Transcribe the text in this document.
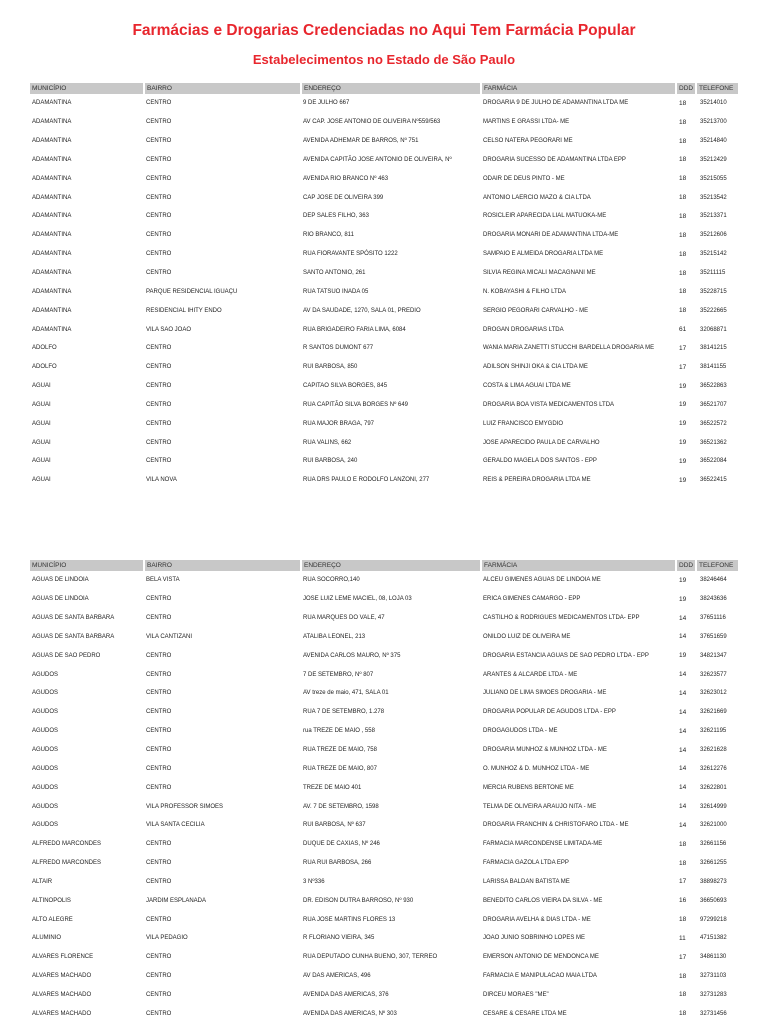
Farmácias e Drogarias Credenciadas no Aqui Tem Farmácia Popular
Estabelecimentos no Estado de São Paulo
MUNICÍPIO	BAIRRO	ENDEREÇO	FARMÁCIA	DDD	TELEFONE
ADAMANTINA	CENTRO	9 DE JULHO 667	DROGARIA 9 DE JULHO DE ADAMANTINA LTDA ME	18	35214010
ADAMANTINA	CENTRO	AV CAP. JOSE ANTONIO DE OLIVEIRA Nº559/563	MARTINS E GRASSI LTDA- ME	18	35213700
ADAMANTINA	CENTRO	AVENIDA ADHEMAR DE BARROS, Nº 751	CELSO NATERA PEGORARI ME	18	35214840
ADAMANTINA	CENTRO	AVENIDA CAPITÃO JOSE ANTONIO DE OLIVEIRA, Nº	DROGARIA SUCESSO DE ADAMANTINA LTDA EPP	18	35212429
ADAMANTINA	CENTRO	AVENIDA RIO BRANCO Nº 463	ODAIR DE DEUS PINTO - ME	18	35215055
ADAMANTINA	CENTRO	CAP JOSE DE OLIVEIRA 399	ANTONIO LAERCIO MAZO & CIA LTDA	18	35213542
ADAMANTINA	CENTRO	DEP SALES FILHO, 363	ROSICLEIR APARECIDA LIAL MATUOKA-ME	18	35213371
ADAMANTINA	CENTRO	RIO BRANCO, 811	DROGARIA MONARI DE ADAMANTINA LTDA-ME	18	35212606
ADAMANTINA	CENTRO	RUA FIORAVANTE SPÓSITO 1222	SAMPAIO E ALMEIDA DROGARIA LTDA ME	18	35215142
ADAMANTINA	CENTRO	SANTO ANTONIO, 261	SILVIA REGINA MICALI MACAGNANI ME	18	35211115
ADAMANTINA	PARQUE RESIDENCIAL IGUAÇU	RUA TATSUO INADA 05	N. KOBAYASHI & FILHO LTDA	18	35228715
ADAMANTINA	RESIDENCIAL IHITY ENDO	AV DA SAUDADE, 1270, SALA 01, PREDIO	SERGIO PEGORARI CARVALHO - ME	18	35222665
ADAMANTINA	VILA SAO JOAO	RUA BRIGADEIRO FARIA LIMA, 6084	DROGAN DROGARIAS LTDA	61	32068871
ADOLFO	CENTRO	R SANTOS DUMONT 677	WANIA MARIA ZANETTI STUCCHI BARDELLA DROGARIA ME	17	38141215
ADOLFO	CENTRO	RUI BARBOSA, 850	ADILSON SHINJI OKA & CIA LTDA ME	17	38141155
AGUAI	CENTRO	CAPITAO SILVA BORGES, 845	COSTA & LIMA AGUAI LTDA ME	19	36522863
AGUAI	CENTRO	RUA CAPITÃO SILVA BORGES Nº 649	DROGARIA BOA VISTA MEDICAMENTOS LTDA	19	36521707
AGUAI	CENTRO	RUA MAJOR BRAGA, 797	LUIZ FRANCISCO EMYGDIO	19	36522572
AGUAI	CENTRO	RUA VALINS, 662	JOSE APARECIDO PAULA DE CARVALHO	19	36521362
AGUAI	CENTRO	RUI BARBOSA, 240	GERALDO MAGELA DOS SANTOS - EPP	19	36522084
AGUAI	VILA NOVA	RUA DRS PAULO E RODOLFO LANZONI, 277	REIS & PEREIRA DROGARIA LTDA ME	19	36522415
MUNICÍPIO	BAIRRO	ENDEREÇO	FARMÁCIA	DDD	TELEFONE
AGUAS DE LINDOIA	BELA VISTA	RUA SOCORRO,140	ALCEU GIMENES AGUAS DE LINDOIA ME	19	38246464
AGUAS DE LINDOIA	CENTRO	JOSE LUIZ LEME MACIEL, 08, LOJA 03	ERICA GIMENES CAMARGO - EPP	19	38243636
AGUAS DE SANTA BARBARA	CENTRO	RUA MARQUES DO VALE, 47	CASTILHO & RODRIGUES MEDICAMENTOS LTDA- EPP	14	37651116
AGUAS DE SANTA BARBARA	VILA CANTIZANI	ATALIBA LEONEL, 213	ONILDO LUIZ DE OLIVEIRA ME	14	37651659
AGUAS DE SAO PEDRO	CENTRO	AVENIDA CARLOS MAURO, Nº 375	DROGARIA ESTANCIA AGUAS DE SAO PEDRO LTDA - EPP	19	34821347
AGUDOS	CENTRO	7 DE SETEMBRO, Nº 807	ARANTES & ALCARDE LTDA - ME	14	32623577
AGUDOS	CENTRO	AV treze de maio, 471, SALA 01	JULIANO DE LIMA SIMOES DROGARIA - ME	14	32623012
AGUDOS	CENTRO	RUA 7 DE SETEMBRO, 1.278	DROGARIA POPULAR DE AGUDOS LTDA - EPP	14	32621669
AGUDOS	CENTRO	rua TREZE DE MAIO , 558	DROGAGUDOS LTDA - ME	14	32621195
AGUDOS	CENTRO	RUA TREZE DE MAIO, 758	DROGARIA MUNHOZ & MUNHOZ LTDA - ME	14	32621628
AGUDOS	CENTRO	RUA TREZE DE MAIO, 807	O. MUNHOZ & D. MUNHOZ LTDA - ME	14	32612276
AGUDOS	CENTRO	TREZE DE MAIO 401	MERCIA RUBENS BERTONE ME	14	32622801
AGUDOS	VILA PROFESSOR SIMOES	AV. 7 DE SETEMBRO, 1598	TELMA DE OLIVEIRA ARAUJO NITA - ME	14	32614999
AGUDOS	VILA SANTA CECILIA	RUI BARBOSA, Nº 637	DROGARIA FRANCHIN & CHRISTOFARO LTDA - ME	14	32621000
ALFREDO MARCONDES	CENTRO	DUQUE DE CAXIAS, Nº 246	FARMACIA MARCONDENSE LIMITADA-ME	18	32661156
ALFREDO MARCONDES	CENTRO	RUA RUI BARBOSA, 266	FARMACIA GAZOLA LTDA EPP	18	32661255
ALTAIR	CENTRO	3 Nº336	LARISSA BALDAN BATISTA ME	17	38898273
ALTINOPOLIS	JARDIM ESPLANADA	DR. EDISON DUTRA BARROSO, Nº 930	BENEDITO CARLOS VIEIRA DA SILVA - ME	16	36650693
ALTO ALEGRE	CENTRO	RUA JOSE MARTINS FLORES 13	DROGARIA AVELHA & DIAS LTDA - ME	18	97299218
ALUMINIO	VILA PEDAGIO	R FLORIANO VIEIRA, 345	JOAO JUNIO SOBRINHO LOPES ME	11	47151382
ALVARES FLORENCE	CENTRO	RUA DEPUTADO CUNHA BUENO, 307, TERREO	EMERSON ANTONIO DE MENDONCA ME	17	34861130
ALVARES MACHADO	CENTRO	AV DAS AMERICAS, 496	FARMACIA E MANIPULACAO MAIA LTDA	18	32731103
ALVARES MACHADO	CENTRO	AVENIDA DAS AMERICAS, 376	DIRCEU MORAES "ME"	18	32731283
ALVARES MACHADO	CENTRO	AVENIDA DAS AMERICAS, Nº 303	CESARE & CESARE LTDA ME	18	32731456
